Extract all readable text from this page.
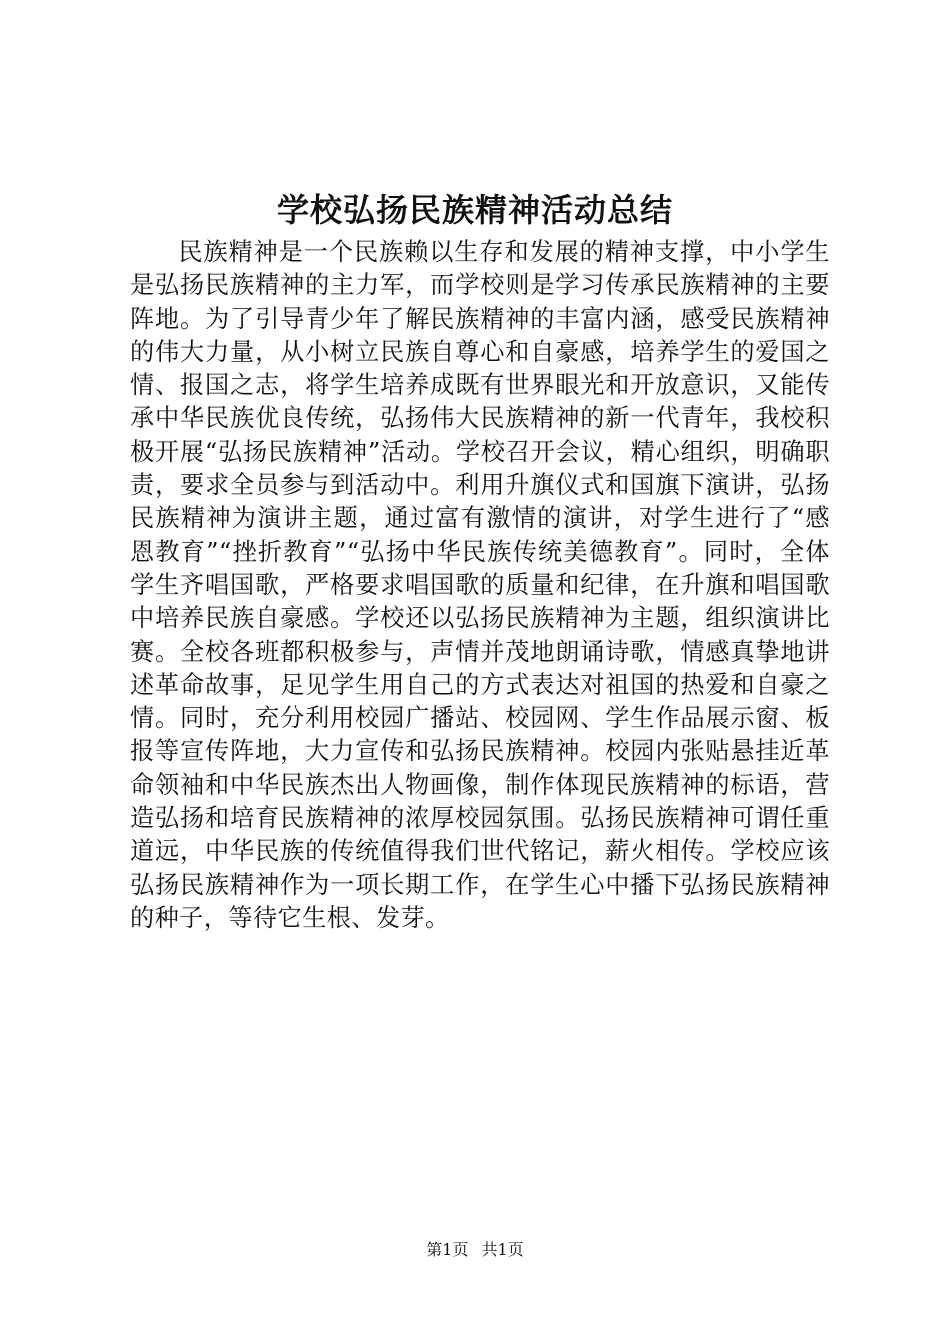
学校弘扬民族精神活动总结

民族精神是一个民族赖以生存和发展的精神支撑，中小学生是弘扬民族精神的主力军，而学校则是学习传承民族精神的主要阵地。为了引导青少年了解民族精神的丰富内涵，感受民族精神的伟大力量，从小树立民族自尊心和自豪感，培养学生的爱国之情、报国之志，将学生培养成既有世界眼光和开放意识，又能传承中华民族优良传统，弘扬伟大民族精神的新一代青年，我校积极开展“弘扬民族精神”活动。学校召开会议，精心组织，明确职责，要求全员参与到活动中。利用升旗仪式和国旗下演讲，弘扬民族精神为演讲主题，通过富有激情的演讲，对学生进行了“感恩教育”“挫折教育”“弘扬中华民族传统美德教育”。同时，全体学生齐唱国歌，严格要求唱国歌的质量和纪律，在升旗和唱国歌中培养民族自豪感。学校还以弘扬民族精神为主题，组织演讲比赛。全校各班都积极参与，声情并茂地朗诵诗歌，情感真挚地讲述革命故事，足见学生用自己的方式表达对祖国的热爱和自豪之情。同时，充分利用校园广播站、校园网、学生作品展示窗、板报等宣传阵地，大力宣传和弘扬民族精神。校园内张贴悬挂近革命领袖和中华民族杰出人物画像，制作体现民族精神的标语，营造弘扬和培育民族精神的浓厚校园氛围。弘扬民族精神可谓任重道远，中华民族的传统值得我们世代铭记，薪火相传。学校应该弘扬民族精神作为一项长期工作，在学生心中播下弘扬民族精神的种子，等待它生根、发芽。

第1页 共1页
